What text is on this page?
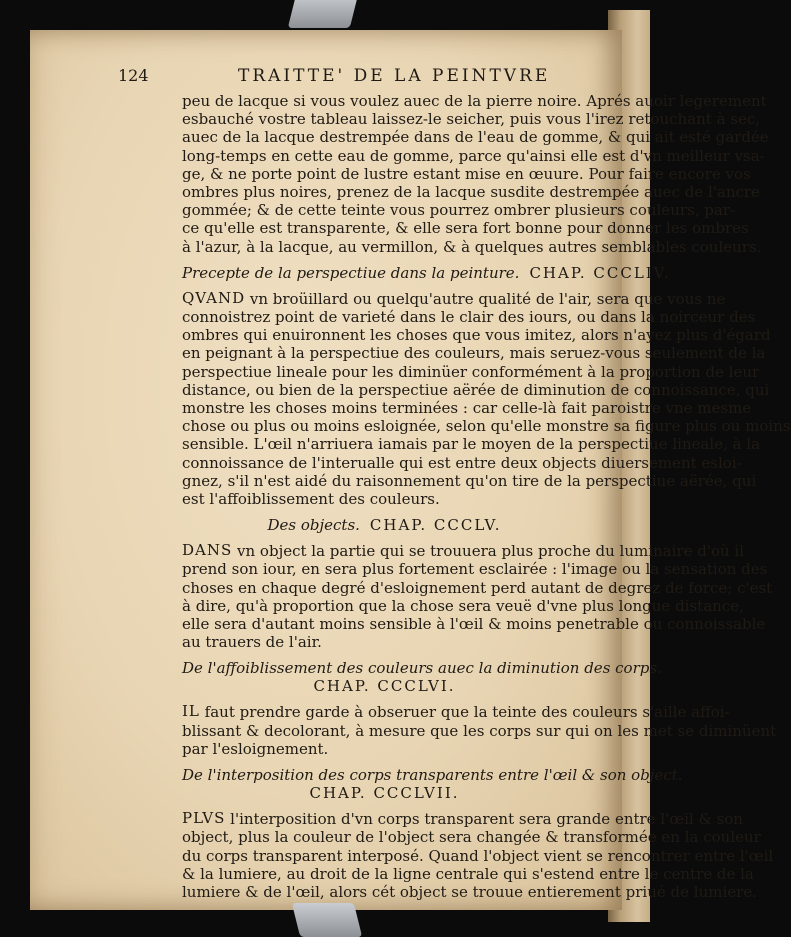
124	TRAITTE' DE LA PEINTVRE

peu de lacque si vous voulez auec de la pierre noire. Aprés auoir legerement
esbauché vostre tableau laissez-le seicher, puis vous l'irez retouchant à sec,
auec de la lacque destrempée dans de l'eau de gomme, & qui ait esté gardée
long-temps en cette eau de gomme, parce qu'ainsi elle est d'vn meilleur vsa-
ge, & ne porte point de lustre estant mise en œuure. Pour faire encore vos
ombres plus noires, prenez de la lacque susdite destrempée auec de l'ancre
gommée; & de cette teinte vous pourrez ombrer plusieurs couleurs, par-
ce qu'elle est transparente, & elle sera fort bonne pour donner les ombres
à l'azur, à la lacque, au vermillon, & à quelques autres semblables couleurs.

Precepte de la perspectiue dans la peinture. CHAP. CCCLIV.

QVAND vn broüillard ou quelqu'autre qualité de l'air, sera que vous ne
connoistrez point de varieté dans le clair des iours, ou dans la noirceur des
ombres qui enuironnent les choses que vous imitez, alors n'ayez plus d'égard
en peignant à la perspectiue des couleurs, mais seruez-vous seulement de la
perspectiue lineale pour les diminüer conformément à la proportion de leur
distance, ou bien de la perspectiue aërée de diminution de connoissance, qui
monstre les choses moins terminées : car celle-là fait paroistre vne mesme
chose ou plus ou moins esloignée, selon qu'elle monstre sa figure plus ou moins
sensible. L'œil n'arriuera iamais par le moyen de la perspectiue lineale, à la
connoissance de l'interualle qui est entre deux objects diuersement esloi-
gnez, s'il n'est aidé du raisonnement qu'on tire de la perspectiue aërée, qui
est l'affoiblissement des couleurs.

Des objects. CHAP. CCCLV.

DANS vn object la partie qui se trouuera plus proche du luminaire d'où il
prend son iour, en sera plus fortement esclairée : l'image ou la sensation des
choses en chaque degré d'esloignement perd autant de degrez de force; c'est
à dire, qu'à proportion que la chose sera veuë d'vne plus longue distance,
elle sera d'autant moins sensible à l'œil & moins penetrable ou connoissable
au trauers de l'air.

De l'affoiblissement des couleurs auec la diminution des corps.
CHAP. CCCLVI.

IL faut prendre garde à obseruer que la teinte des couleurs s'aille affoi-
blissant & decolorant, à mesure que les corps sur qui on les met se diminüent
par l'esloignement.

De l'interposition des corps transparents entre l'œil & son object.
CHAP. CCCLVII.

PLVS l'interposition d'vn corps transparent sera grande entre l'œil & son
object, plus la couleur de l'object sera changée & transformée en la couleur
du corps transparent interposé. Quand l'object vient se rencontrer entre l'œil
& la lumiere, au droit de la ligne centrale qui s'estend entre le centre de la
lumiere & de l'œil, alors cét object se trouue entierement priué de lumiere.
